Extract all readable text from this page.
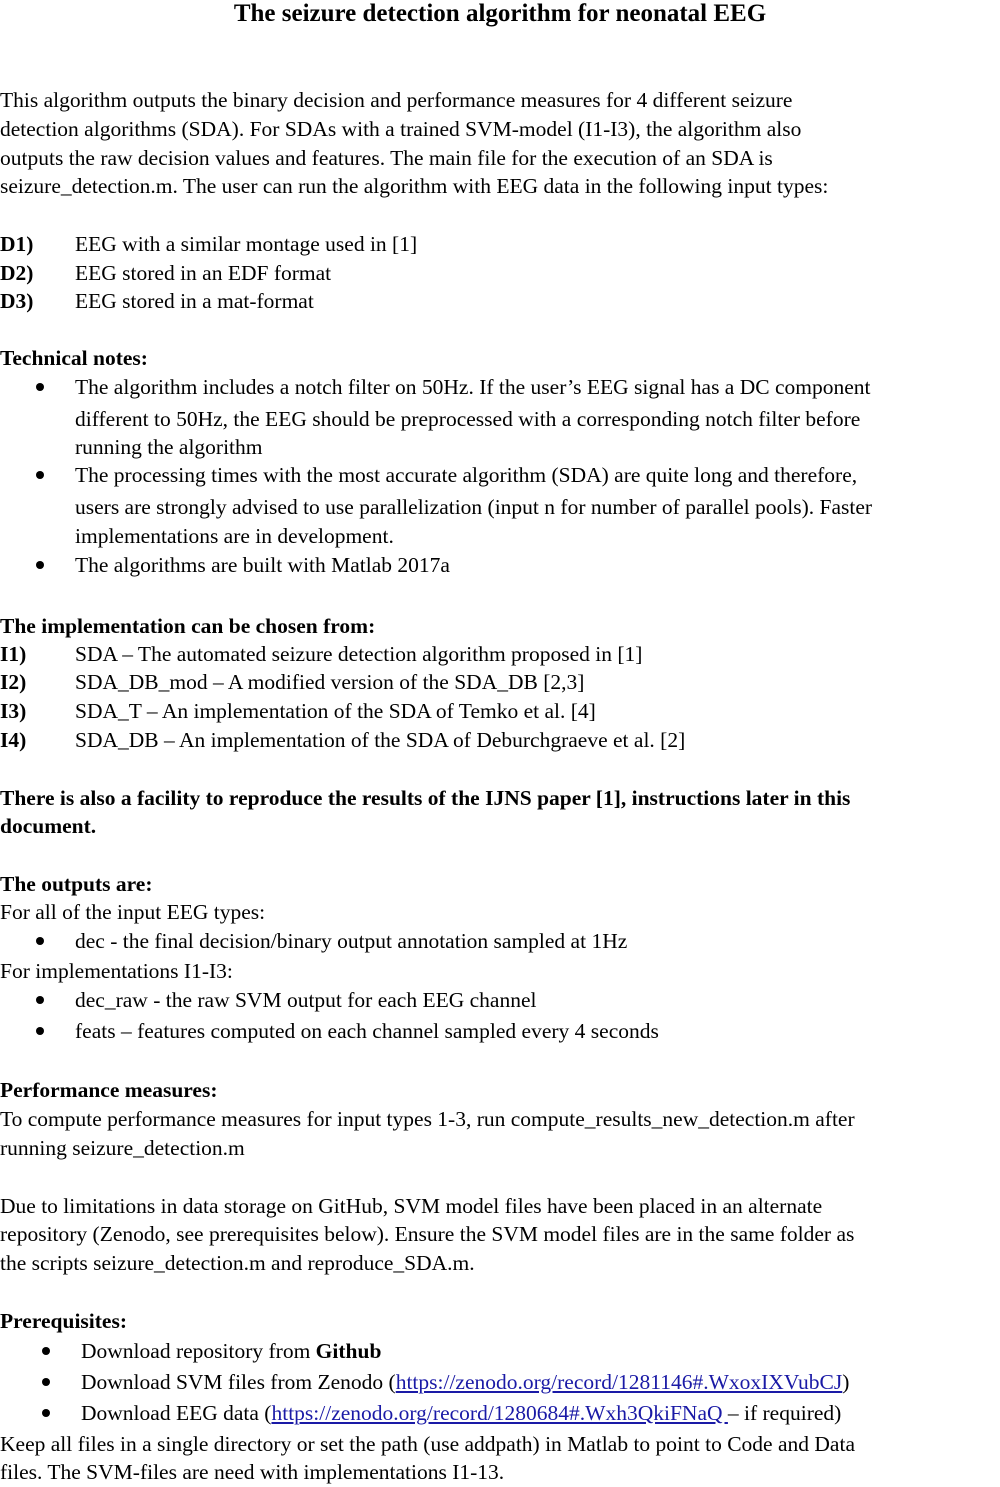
The seizure detection algorithm for neonatal EEG
This algorithm outputs the binary decision and performance measures for 4 different seizure
detection algorithms (SDA). For SDAs with a trained SVM-model (I1-I3), the algorithm also
outputs the raw decision values and features. The main file for the execution of an SDA is
seizure_detection.m. The user can run the algorithm with EEG data in the following input types:
D1) EEG with a similar montage used in [1]
D2) EEG stored in an EDF format
D3) EEG stored in a mat-format
Technical notes:
The algorithm includes a notch filter on 50Hz. If the user’s EEG signal has a DC component
different to 50Hz, the EEG should be preprocessed with a corresponding notch filter before
running the algorithm
The processing times with the most accurate algorithm (SDA) are quite long and therefore,
users are strongly advised to use parallelization (input n for number of parallel pools). Faster
implementations are in development.
The algorithms are built with Matlab 2017a
The implementation can be chosen from:
I1) SDA – The automated seizure detection algorithm proposed in [1]
I2) SDA_DB_mod – A modified version of the SDA_DB [2,3]
I3) SDA_T – An implementation of the SDA of Temko et al. [4]
I4) SDA_DB – An implementation of the SDA of Deburchgraeve et al. [2]
There is also a facility to reproduce the results of the IJNS paper [1], instructions later in this
document.
The outputs are:
For all of the input EEG types:
dec - the final decision/binary output annotation sampled at 1Hz
For implementations I1-I3:
dec_raw - the raw SVM output for each EEG channel
feats – features computed on each channel sampled every 4 seconds
Performance measures:
To compute performance measures for input types 1-3, run compute_results_new_detection.m after
running seizure_detection.m
Due to limitations in data storage on GitHub, SVM model files have been placed in an alternate
repository (Zenodo, see prerequisites below). Ensure the SVM model files are in the same folder as
the scripts seizure_detection.m and reproduce_SDA.m.
Prerequisites:
Download repository from Github
Download SVM files from Zenodo (https://zenodo.org/record/1281146#.WxoxIXVubCJ)
Download EEG data (https://zenodo.org/record/1280684#.Wxh3QkiFNaQ – if required)
Keep all files in a single directory or set the path (use addpath) in Matlab to point to Code and Data
files. The SVM-files are need with implementations I1-13.
